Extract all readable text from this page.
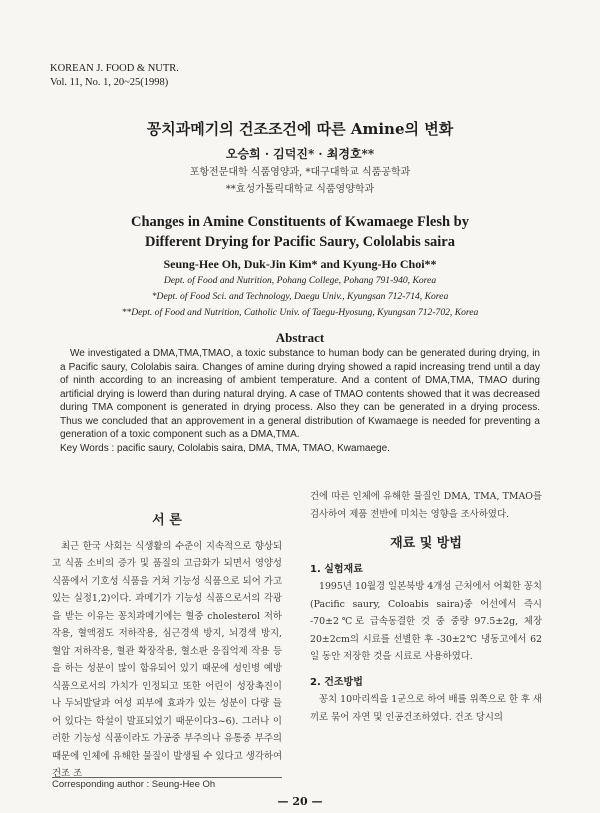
KOREAN J. FOOD & NUTR.
Vol. 11, No. 1, 20~25(1998)
꽁치과메기의 건조조건에 따른 Amine의 변화
오승희 · 김덕진* · 최경호**
포항전문대학 식품영양과, *대구대학교 식품공학과
**효성가톨릭대학교 식품영양학과
Changes in Amine Constituents of Kwamaege Flesh by
Different Drying for Pacific Saury, Cololabis saira
Seung-Hee Oh, Duk-Jin Kim* and Kyung-Ho Choi**
Dept. of Food and Nutrition, Pohang College, Pohang 791-940, Korea
*Dept. of Food Sci. and Technology, Daegu Univ., Kyungsan 712-714, Korea
**Dept. of Food and Nutrition, Catholic Univ. of Taegu-Hyosung, Kyungsan 712-702, Korea
Abstract

We investigated a DMA,TMA,TMAO, a toxic substance to human body can be generated during drying, in a Pacific saury, Cololabis saira. Changes of amine during drying showed a rapid increasing trend until a day of ninth according to an increasing of ambient temperature. And a content of DMA,TMA, TMAO during artificial drying is lowerd than during natural drying. A case of TMAO contents showed that it was decreased during TMA component is generated in drying process. Also they can be generated in a drying process. Thus we concluded that an approvement in a general distribution of Kwamaege is needed for preventing a generation of a toxic component such as a DMA,TMA.

Key Words : pacific saury, Cololabis saira, DMA, TMA, TMAO, Kwamaege.

서 론

최근 한국 사회는 식생활의 수준이 지속적으로 향상되고 식품 소비의 증가 및 품질의 고급화가 되면서 영양성 식품에서 기호성 식품을 거쳐 기능성 식품으로 되어 가고 있는 실정1,2)이다. 과메기가 기능성 식품으로서의 각광을 받는 이유는 꽁치과메기에는 혈중 cholesterol 저하작용, 혈액점도 저하작용, 심근경색 방지, 뇌경색 방지, 혈압 저하작용, 혈관 확장작용, 혈소판 응집억제 작용 등을 하는 성분이 많이 함유되어 있기 때문에 성인병 예방식품으로서의 가치가 인정되고 또한 어린이 성장촉진이나 두뇌발달과 여성 피부에 효과가 있는 성분이 다량 들어 있다는 학설이 발표되었기 때문이다3~6). 그러나 이러한 기능성 식품이라도 가공중 부주의나 유통중 부주의 때문에 인체에 유해한 물질이 발생될 수 있다고 생각하여 건조 조

건에 따른 인체에 유해한 물질인 DMA, TMA, TMAO를 검사하여 제품 전반에 미치는 영향을 조사하였다.

재료 및 방법
1. 실험재료

1995년 10월경 일본북방 4개섬 근처에서 어획한 꽁치(Pacific saury, Coloabis saira)중 어선에서 즉시 -70±2℃로 급속동결한 것 중 중량 97.5±2g, 체장 20±2cm의 시료를 선별한 후 -30±2℃ 냉동고에서 62일 동안 저장한 것을 시료로 사용하였다.

2. 건조방법

꽁치 10마리씩을 1군으로 하여 배를 위쪽으로 한 후 새끼로 묶어 자연 및 인공건조하였다. 건조 당시의

Corresponding author : Seung-Hee Oh
— 20 —
